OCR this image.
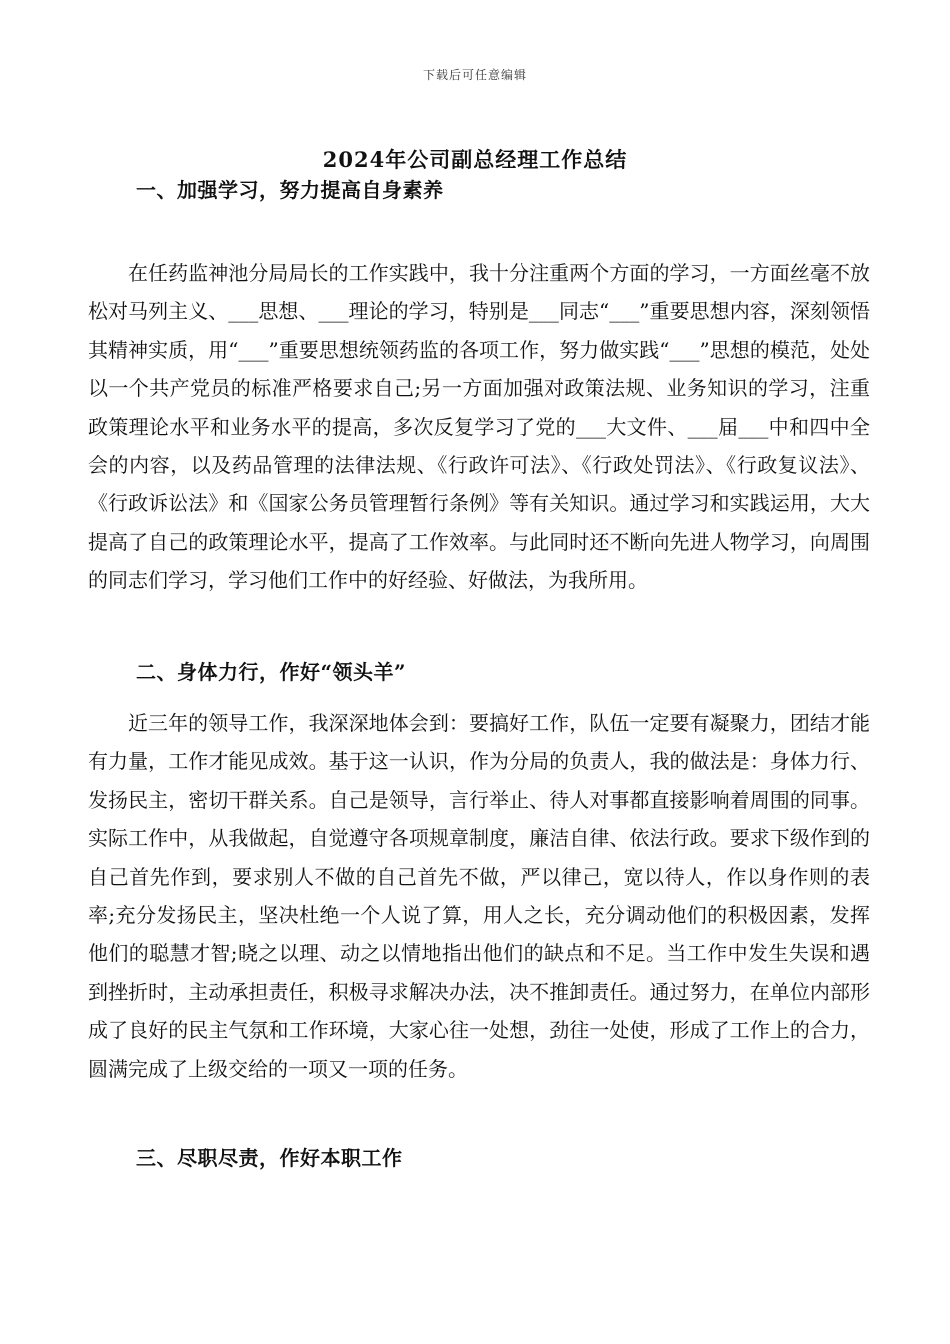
下载后可任意编辑
2024年公司副总经理工作总结
一、加强学习，努力提高自身素养
在任药监神池分局局长的工作实践中，我十分注重两个方面的学习，一方面丝毫不放松对马列主义、___思想、___理论的学习，特别是___同志“___”重要思想内容，深刻领悟其精神实质，用“___”重要思想统领药监的各项工作，努力做实践“___”思想的模范，处处以一个共产党员的标准严格要求自己;另一方面加强对政策法规、业务知识的学习，注重政策理论水平和业务水平的提高，多次反复学习了党的___大文件、___届___中和四中全会的内容，以及药品管理的法律法规、《行政许可法》、《行政处罚法》、《行政复议法》、《行政诉讼法》和《国家公务员管理暂行条例》等有关知识。通过学习和实践运用，大大提高了自己的政策理论水平，提高了工作效率。与此同时还不断向先进人物学习，向周围的同志们学习，学习他们工作中的好经验、好做法，为我所用。
二、身体力行，作好“领头羊”
近三年的领导工作，我深深地体会到：要搞好工作，队伍一定要有凝聚力，团结才能有力量，工作才能见成效。基于这一认识，作为分局的负责人，我的做法是：身体力行、发扬民主，密切干群关系。自己是领导，言行举止、待人对事都直接影响着周围的同事。实际工作中，从我做起，自觉遵守各项规章制度，廉洁自律、依法行政。要求下级作到的自己首先作到，要求别人不做的自己首先不做，严以律己，宽以待人，作以身作则的表率;充分发扬民主，坚决杜绝一个人说了算，用人之长，充分调动他们的积极因素，发挥他们的聪慧才智;晓之以理、动之以情地指出他们的缺点和不足。当工作中发生失误和遇到挫折时，主动承担责任，积极寻求解决办法，决不推卸责任。通过努力，在单位内部形成了良好的民主气氛和工作环境，大家心往一处想，劲往一处使，形成了工作上的合力，圆满完成了上级交给的一项又一项的任务。
三、尽职尽责，作好本职工作
